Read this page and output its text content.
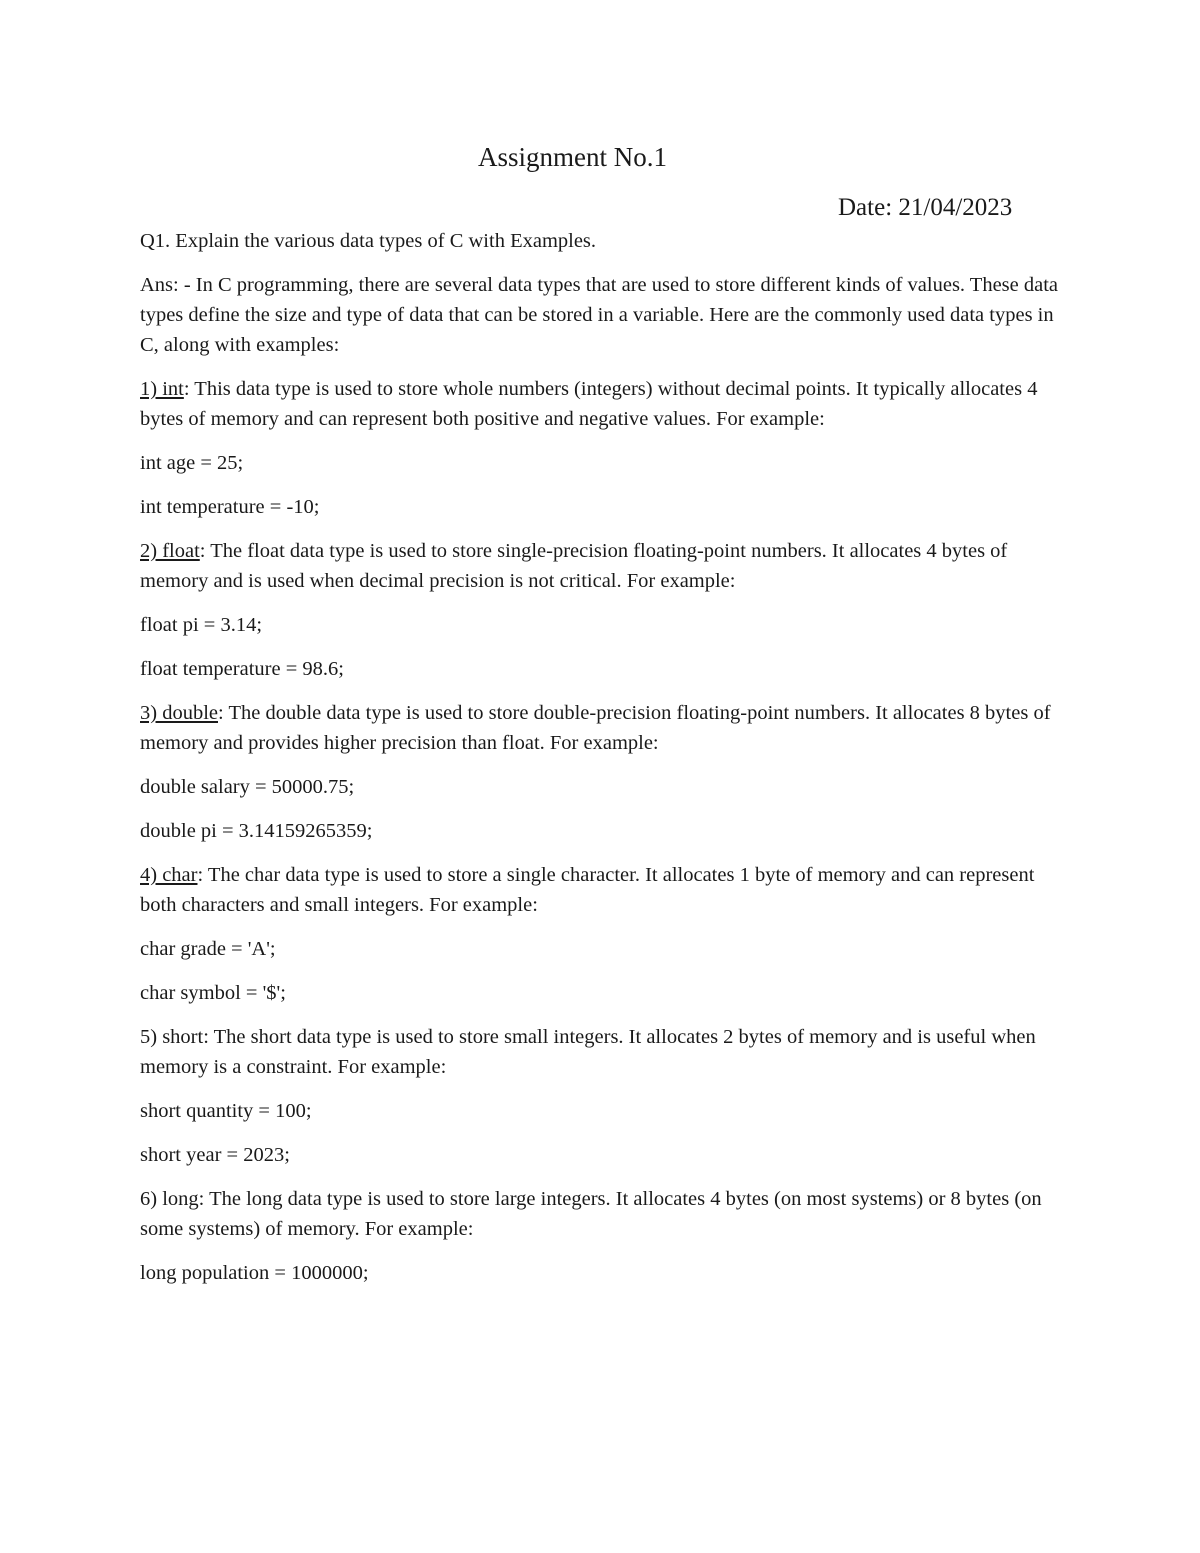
Assignment No.1
Date: 21/04/2023

Q1. Explain the various data types of C with Examples.

Ans: - In C programming, there are several data types that are used to store different kinds of values. These data types define the size and type of data that can be stored in a variable. Here are the commonly used data types in C, along with examples:

1) int: This data type is used to store whole numbers (integers) without decimal points. It typically allocates 4 bytes of memory and can represent both positive and negative values. For example:

int age = 25;

int temperature = -10;

2) float: The float data type is used to store single-precision floating-point numbers. It allocates 4 bytes of memory and is used when decimal precision is not critical. For example:

float pi = 3.14;

float temperature = 98.6;

3) double: The double data type is used to store double-precision floating-point numbers. It allocates 8 bytes of memory and provides higher precision than float. For example:

double salary = 50000.75;

double pi = 3.14159265359;

4) char: The char data type is used to store a single character. It allocates 1 byte of memory and can represent both characters and small integers. For example:

char grade = 'A';

char symbol = '$';

5) short: The short data type is used to store small integers. It allocates 2 bytes of memory and is useful when memory is a constraint. For example:

short quantity = 100;

short year = 2023;

6) long: The long data type is used to store large integers. It allocates 4 bytes (on most systems) or 8 bytes (on some systems) of memory. For example:

long population = 1000000;
